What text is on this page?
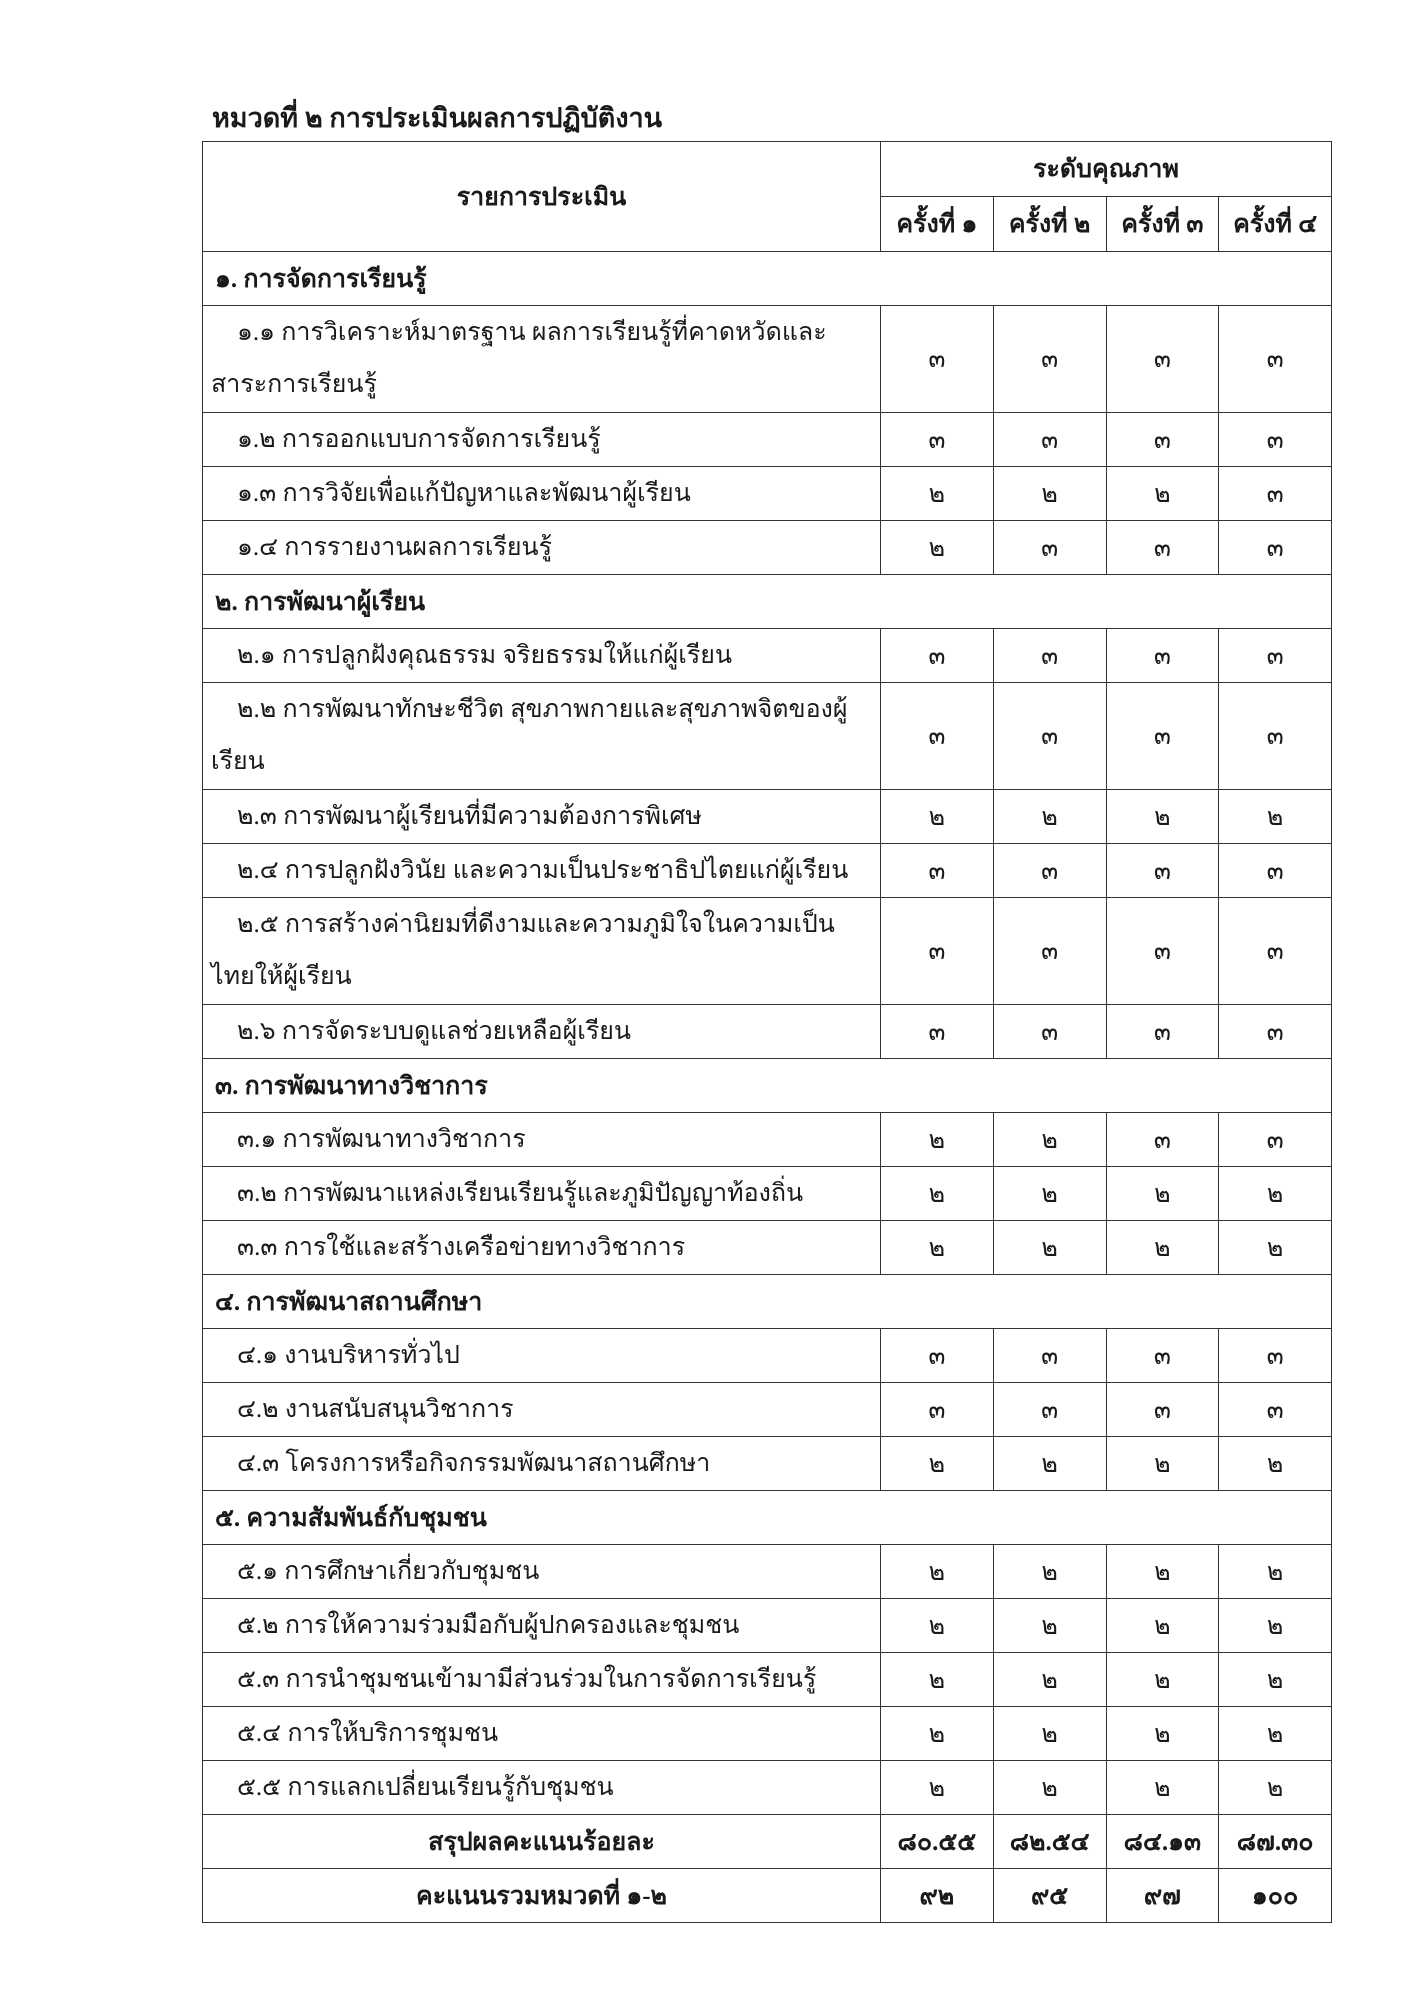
หมวดที่ ๒ การประเมินผลการปฏิบัติงาน
รายการประเมิน	ระดับคุณภาพ			
	ครั้งที่ ๑	ครั้งที่ ๒	ครั้งที่ ๓	ครั้งที่ ๔
๑. การจัดการเรียนรู้				
๑.๑ การวิเคราะห์มาตรฐาน ผลการเรียนรู้ที่คาดหวัดและสาระการเรียนรู้	๓	๓	๓	๓
๑.๒ การออกแบบการจัดการเรียนรู้	๓	๓	๓	๓
๑.๓ การวิจัยเพื่อแก้ปัญหาและพัฒนาผู้เรียน	๒	๒	๒	๓
๑.๔ การรายงานผลการเรียนรู้	๒	๓	๓	๓
๒. การพัฒนาผู้เรียน				
๒.๑ การปลูกฝังคุณธรรม จริยธรรมให้แก่ผู้เรียน	๓	๓	๓	๓
๒.๒ การพัฒนาทักษะชีวิต สุขภาพกายและสุขภาพจิตของผู้เรียน	๓	๓	๓	๓
๒.๓ การพัฒนาผู้เรียนที่มีความต้องการพิเศษ	๒	๒	๒	๒
๒.๔ การปลูกฝังวินัย และความเป็นประชาธิปไตยแก่ผู้เรียน	๓	๓	๓	๓
๒.๕ การสร้างค่านิยมที่ดีงามและความภูมิใจในความเป็นไทยให้ผู้เรียน	๓	๓	๓	๓
๒.๖ การจัดระบบดูแลช่วยเหลือผู้เรียน	๓	๓	๓	๓
๓. การพัฒนาทางวิชาการ				
๓.๑ การพัฒนาทางวิชาการ	๒	๒	๓	๓
๓.๒ การพัฒนาแหล่งเรียนเรียนรู้และภูมิปัญญาท้องถิ่น	๒	๒	๒	๒
๓.๓ การใช้และสร้างเครือข่ายทางวิชาการ	๒	๒	๒	๒
๔. การพัฒนาสถานศึกษา				
๔.๑ งานบริหารทั่วไป	๓	๓	๓	๓
๔.๒ งานสนับสนุนวิชาการ	๓	๓	๓	๓
๔.๓ โครงการหรือกิจกรรมพัฒนาสถานศึกษา	๒	๒	๒	๒
๕. ความสัมพันธ์กับชุมชน				
๕.๑ การศึกษาเกี่ยวกับชุมชน	๒	๒	๒	๒
๕.๒ การให้ความร่วมมือกับผู้ปกครองและชุมชน	๒	๒	๒	๒
๕.๓ การนำชุมชนเข้ามามีส่วนร่วมในการจัดการเรียนรู้	๒	๒	๒	๒
๕.๔ การให้บริการชุมชน	๒	๒	๒	๒
๕.๕ การแลกเปลี่ยนเรียนรู้กับชุมชน	๒	๒	๒	๒
สรุปผลคะแนนร้อยละ	๘๐.๕๕	๘๒.๕๔	๘๔.๑๓	๘๗.๓๐
คะแนนรวมหมวดที่ ๑-๒	๙๒	๙๕	๙๗	๑๐๐
